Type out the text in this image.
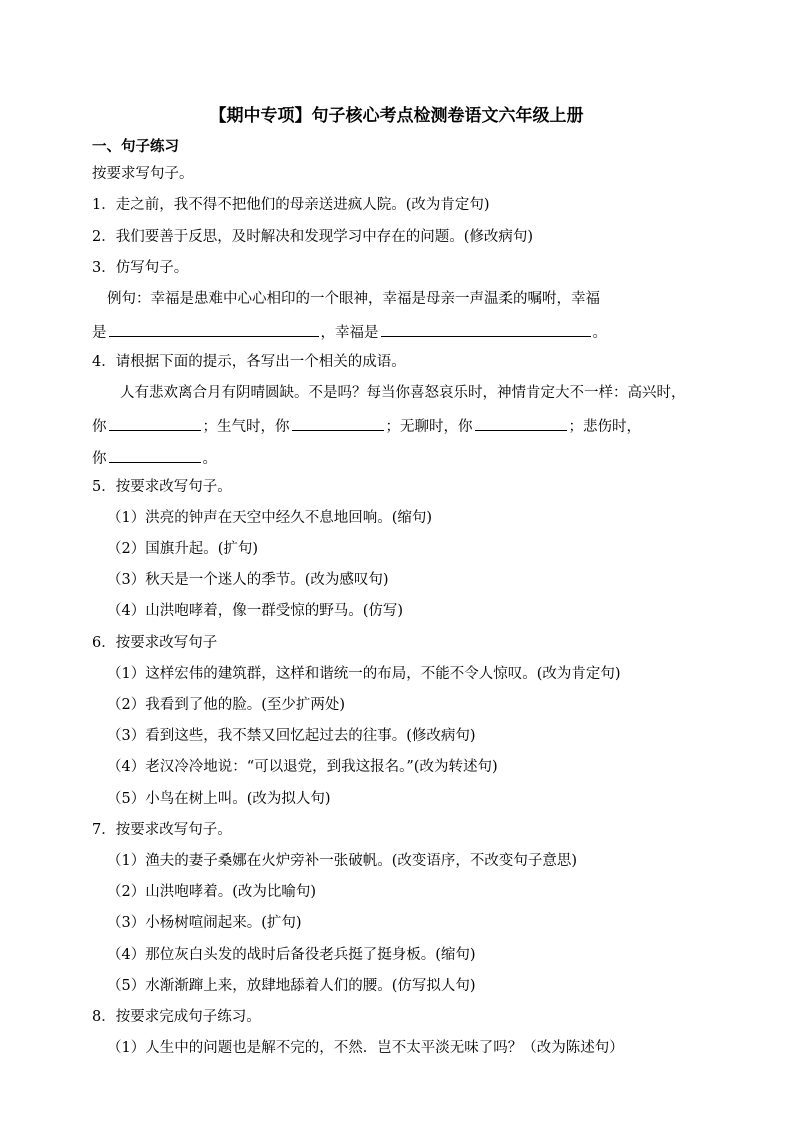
【期中专项】句子核心考点检测卷语文六年级上册
一、句子练习
按要求写句子。
1．走之前，我不得不把他们的母亲送进疯人院。(改为肯定句)
2．我们要善于反思，及时解决和发现学习中存在的问题。(修改病句)
3．仿写句子。
例句：幸福是患难中心心相印的一个眼神，幸福是母亲一声温柔的嘱咐，幸福
是	，幸福是	。
4．请根据下面的提示，各写出一个相关的成语。
人有悲欢离合月有阴晴圆缺。不是吗？每当你喜怒哀乐时，神情肯定大不一样：高兴时，
你	；生气时，你	；无聊时，你	；悲伤时，
你	。
5．按要求改写句子。
（1）洪亮的钟声在天空中经久不息地回响。(缩句)
（2）国旗升起。(扩句)
（3）秋天是一个迷人的季节。(改为感叹句)
（4）山洪咆哮着，像一群受惊的野马。(仿写)
6．按要求改写句子
（1）这样宏伟的建筑群，这样和谐统一的布局，不能不令人惊叹。(改为肯定句)
（2）我看到了他的脸。(至少扩两处)
（3）看到这些，我不禁又回忆起过去的往事。(修改病句)
（4）老汉冷冷地说：“可以退党，到我这报名。”(改为转述句)
（5）小鸟在树上叫。(改为拟人句)
7．按要求改写句子。
（1）渔夫的妻子桑娜在火炉旁补一张破帆。(改变语序，不改变句子意思)
（2）山洪咆哮着。(改为比喻句)
（3）小杨树喧闹起来。(扩句)
（4）那位灰白头发的战时后备役老兵挺了挺身板。(缩句)
（5）水渐渐蹿上来，放肆地舔着人们的腰。(仿写拟人句)
8．按要求完成句子练习。
（1）人生中的问题也是解不完的，不然．岂不太平淡无味了吗？（改为陈述句）
